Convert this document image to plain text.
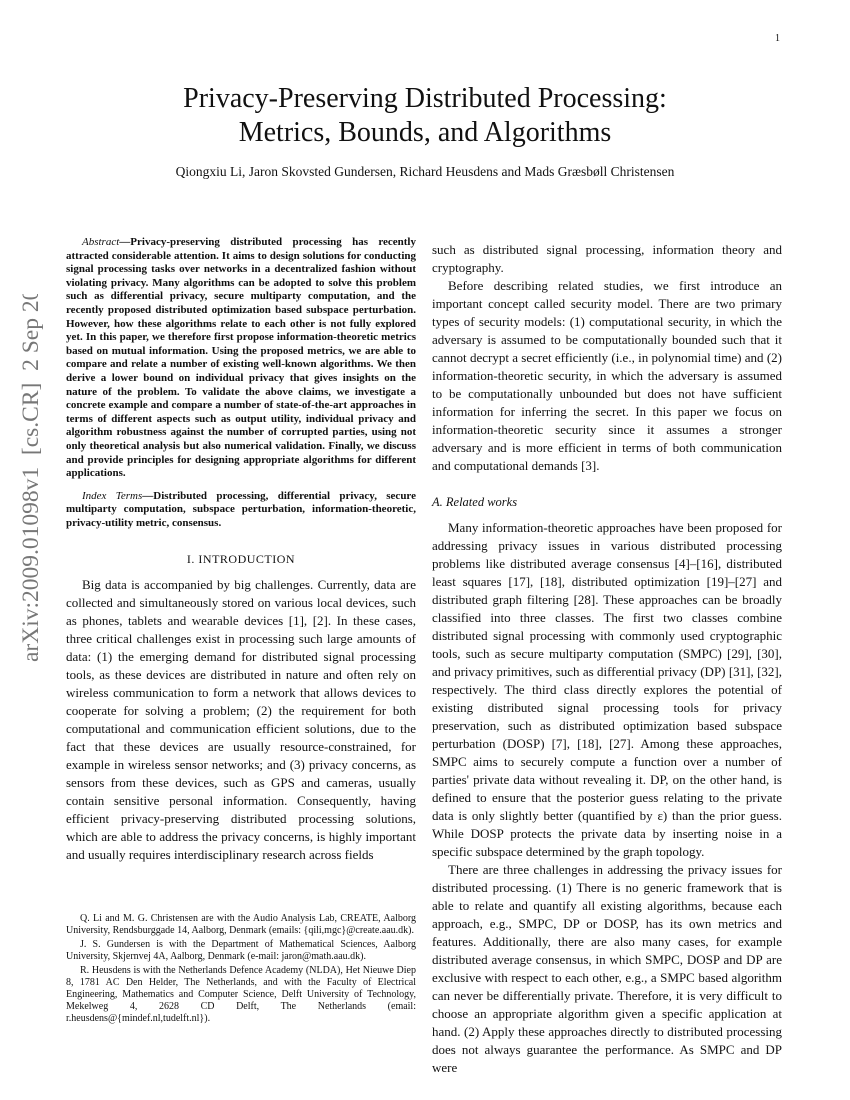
1
arXiv:2009.01098v1  [cs.CR]  2 Sep 2020
Privacy-Preserving Distributed Processing:
Metrics, Bounds, and Algorithms

Qiongxiu Li, Jaron Skovsted Gundersen, Richard Heusdens and Mads Græsbøll Christensen

Abstract—Privacy-preserving distributed processing has recently attracted considerable attention. It aims to design solutions for conducting signal processing tasks over networks in a decentralized fashion without violating privacy. Many algorithms can be adopted to solve this problem such as differential privacy, secure multiparty computation, and the recently proposed distributed optimization based subspace perturbation. However, how these algorithms relate to each other is not fully explored yet. In this paper, we therefore first propose information-theoretic metrics based on mutual information. Using the proposed metrics, we are able to compare and relate a number of existing well-known algorithms. We then derive a lower bound on individual privacy that gives insights on the nature of the problem. To validate the above claims, we investigate a concrete example and compare a number of state-of-the-art approaches in terms of different aspects such as output utility, individual privacy and algorithm robustness against the number of corrupted parties, using not only theoretical analysis but also numerical validation. Finally, we discuss and provide principles for designing appropriate algorithms for different applications.

Index Terms—Distributed processing, differential privacy, secure multiparty computation, subspace perturbation, information-theoretic, privacy-utility metric, consensus.

I. INTRODUCTION

Big data is accompanied by big challenges. Currently, data are collected and simultaneously stored on various local devices, such as phones, tablets and wearable devices [1], [2]. In these cases, three critical challenges exist in processing such large amounts of data: (1) the emerging demand for distributed signal processing tools, as these devices are distributed in nature and often rely on wireless communication to form a network that allows devices to cooperate for solving a problem; (2) the requirement for both computational and communication efficient solutions, due to the fact that these devices are usually resource-constrained, for example in wireless sensor networks; and (3) privacy concerns, as sensors from these devices, such as GPS and cameras, usually contain sensitive personal information. Consequently, having efficient privacy-preserving distributed processing solutions, which are able to address the privacy concerns, is highly important and usually requires interdisciplinary research across fields

Q. Li and M. G. Christensen are with the Audio Analysis Lab, CREATE, Aalborg University, Rendsburggade 14, Aalborg, Denmark (emails: {qili,mgc}@create.aau.dk).

J. S. Gundersen is with the Department of Mathematical Sciences, Aalborg University, Skjernvej 4A, Aalborg, Denmark (e-mail: jaron@math.aau.dk).

R. Heusdens is with the Netherlands Defence Academy (NLDA), Het Nieuwe Diep 8, 1781 AC Den Helder, The Netherlands, and with the Faculty of Electrical Engineering, Mathematics and Computer Science, Delft University of Technology, Mekelweg 4, 2628 CD Delft, The Netherlands (email: r.heusdens@{mindef.nl,tudelft.nl}).

such as distributed signal processing, information theory and cryptography.

Before describing related studies, we first introduce an important concept called security model. There are two primary types of security models: (1) computational security, in which the adversary is assumed to be computationally bounded such that it cannot decrypt a secret efficiently (i.e., in polynomial time) and (2) information-theoretic security, in which the adversary is assumed to be computationally unbounded but does not have sufficient information for inferring the secret. In this paper we focus on information-theoretic security since it assumes a stronger adversary and is more efficient in terms of both communication and computational demands [3].

A. Related works

Many information-theoretic approaches have been proposed for addressing privacy issues in various distributed processing problems like distributed average consensus [4]–[16], distributed least squares [17], [18], distributed optimization [19]–[27] and distributed graph filtering [28]. These approaches can be broadly classified into three classes. The first two classes combine distributed signal processing with commonly used cryptographic tools, such as secure multiparty computation (SMPC) [29], [30], and privacy primitives, such as differential privacy (DP) [31], [32], respectively. The third class directly explores the potential of existing distributed signal processing tools for privacy preservation, such as distributed optimization based subspace perturbation (DOSP) [7], [18], [27]. Among these approaches, SMPC aims to securely compute a function over a number of parties' private data without revealing it. DP, on the other hand, is defined to ensure that the posterior guess relating to the private data is only slightly better (quantified by ε) than the prior guess. While DOSP protects the private data by inserting noise in a specific subspace determined by the graph topology.

There are three challenges in addressing the privacy issues for distributed processing. (1) There is no generic framework that is able to relate and quantify all existing algorithms, because each approach, e.g., SMPC, DP or DOSP, has its own metrics and features. Additionally, there are also many cases, for example distributed average consensus, in which SMPC, DOSP and DP are exclusive with respect to each other, e.g., a SMPC based algorithm can never be differentially private. Therefore, it is very difficult to choose an appropriate algorithm given a specific application at hand. (2) Apply these approaches directly to distributed processing does not always guarantee the performance. As SMPC and DP were
